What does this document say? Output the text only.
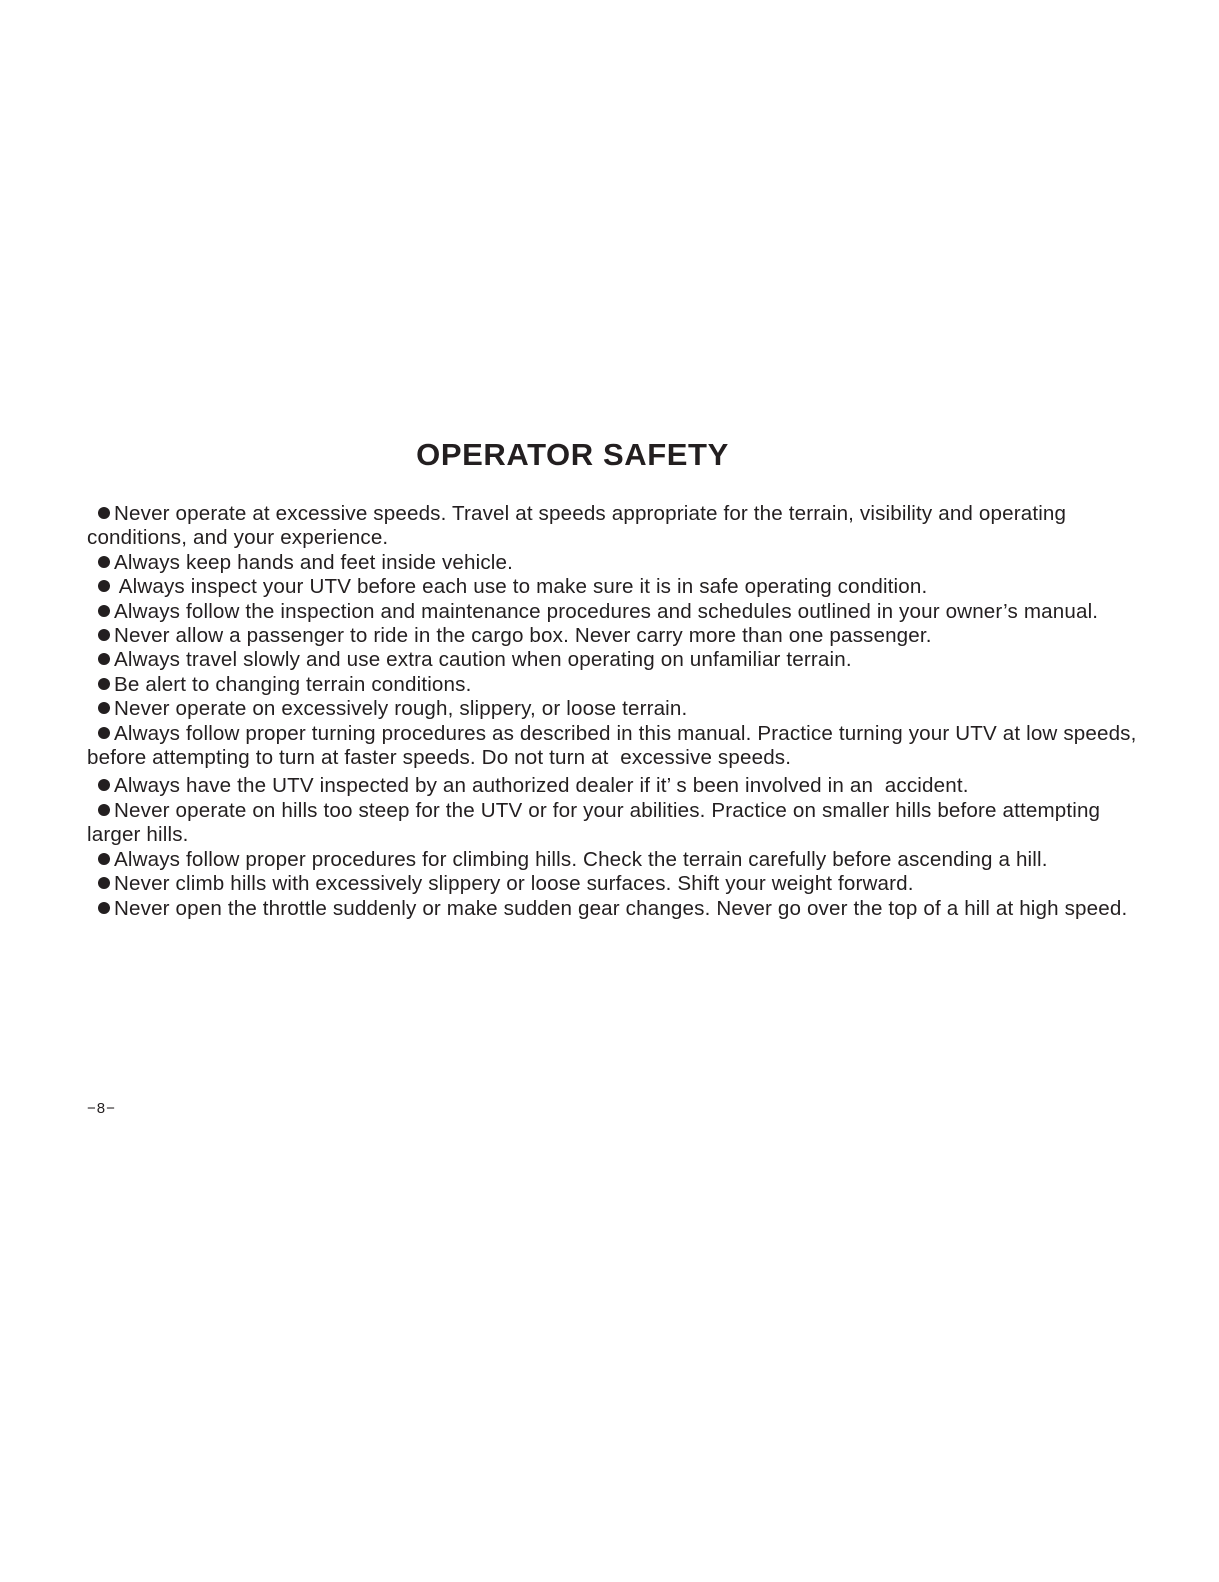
OPERATOR SAFETY
Never operate at excessive speeds. Travel at speeds appropriate for the terrain, visibility and operating conditions, and your experience.
Always keep hands and feet inside vehicle.
Always inspect your UTV before each use to make sure it is in safe operating condition.
Always follow the inspection and maintenance procedures and schedules outlined in your owner’s manual.
Never allow a passenger to ride in the cargo box. Never carry more than one passenger.
Always travel slowly and use extra caution when operating on unfamiliar terrain.
Be alert to changing terrain conditions.
Never operate on excessively rough, slippery, or loose terrain.
Always follow proper turning procedures as described in this manual. Practice turning your UTV at low speeds, before attempting to turn at faster speeds. Do not turn at  excessive speeds.
Always have the UTV inspected by an authorized dealer if it’ s been involved in an  accident.
Never operate on hills too steep for the UTV or for your abilities. Practice on smaller hills before attempting larger hills.
Always follow proper procedures for climbing hills. Check the terrain carefully before ascending a hill.
Never climb hills with excessively slippery or loose surfaces. Shift your weight forward.
Never open the throttle suddenly or make sudden gear changes. Never go over the top of a hill at high speed.

−8−
